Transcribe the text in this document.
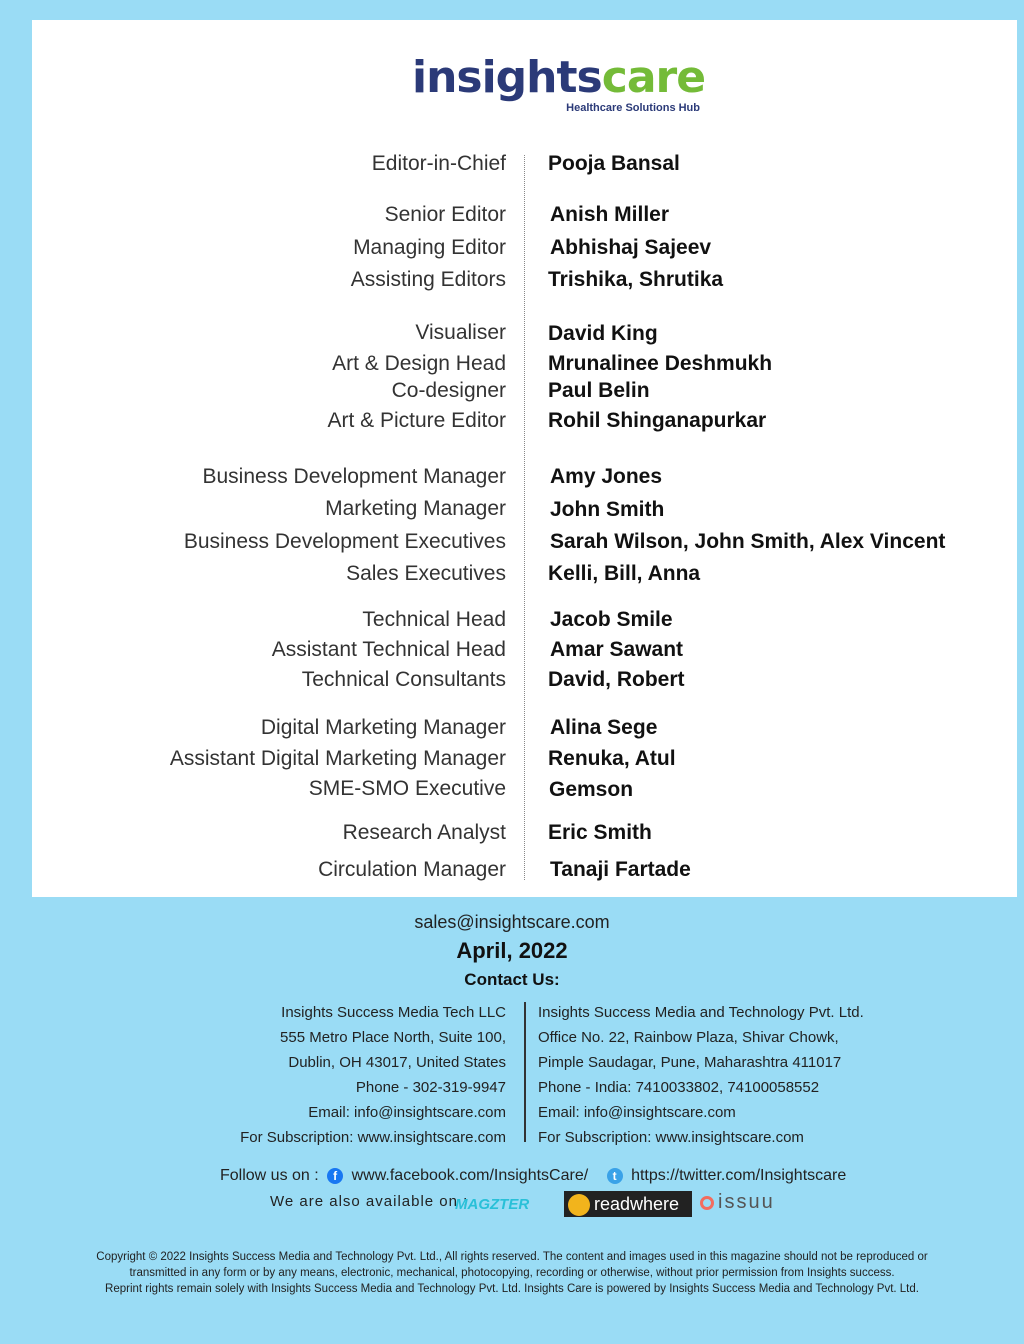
insightscare
Healthcare Solutions Hub
Editor-in-Chief Pooja Bansal
Senior Editor Anish Miller
Managing Editor Abhishaj Sajeev
Assisting Editors Trishika, Shrutika
Visualiser David King
Art & Design Head Mrunalinee Deshmukh
Co-designer Paul Belin
Art & Picture Editor Rohil Shinganapurkar
Business Development Manager Amy Jones
Marketing Manager John Smith
Business Development Executives Sarah Wilson, John Smith, Alex Vincent
Sales Executives Kelli, Bill, Anna
Technical Head Jacob Smile
Assistant Technical Head Amar Sawant
Technical Consultants David, Robert
Digital Marketing Manager Alina Sege
Assistant Digital Marketing Manager Renuka, Atul
SME-SMO Executive Gemson
Research Analyst Eric Smith
Circulation Manager Tanaji Fartade
sales@insightscare.com
April, 2022
Contact Us:
Insights Success Media Tech LLC
555 Metro Place North, Suite 100,
Dublin, OH 43017, United States
Phone - 302-319-9947
Email: info@insightscare.com
For Subscription: www.insightscare.com
Insights Success Media and Technology Pvt. Ltd.
Office No. 22, Rainbow Plaza, Shivar Chowk,
Pimple Saudagar, Pune, Maharashtra 411017
Phone - India: 7410033802, 74100058552
Email: info@insightscare.com
For Subscription: www.insightscare.com
Follow us on : f www.facebook.com/InsightsCare/ t https://twitter.com/Insightscare
We are also available on :
MAGZTER	readwhere	issuu
Copyright © 2022 Insights Success Media and Technology Pvt. Ltd., All rights reserved. The content and images used in this magazine should not be reproduced or
transmitted in any form or by any means, electronic, mechanical, photocopying, recording or otherwise, without prior permission from Insights success.
Reprint rights remain solely with Insights Success Media and Technology Pvt. Ltd. Insights Care is powered by Insights Success Media and Technology Pvt. Ltd.
